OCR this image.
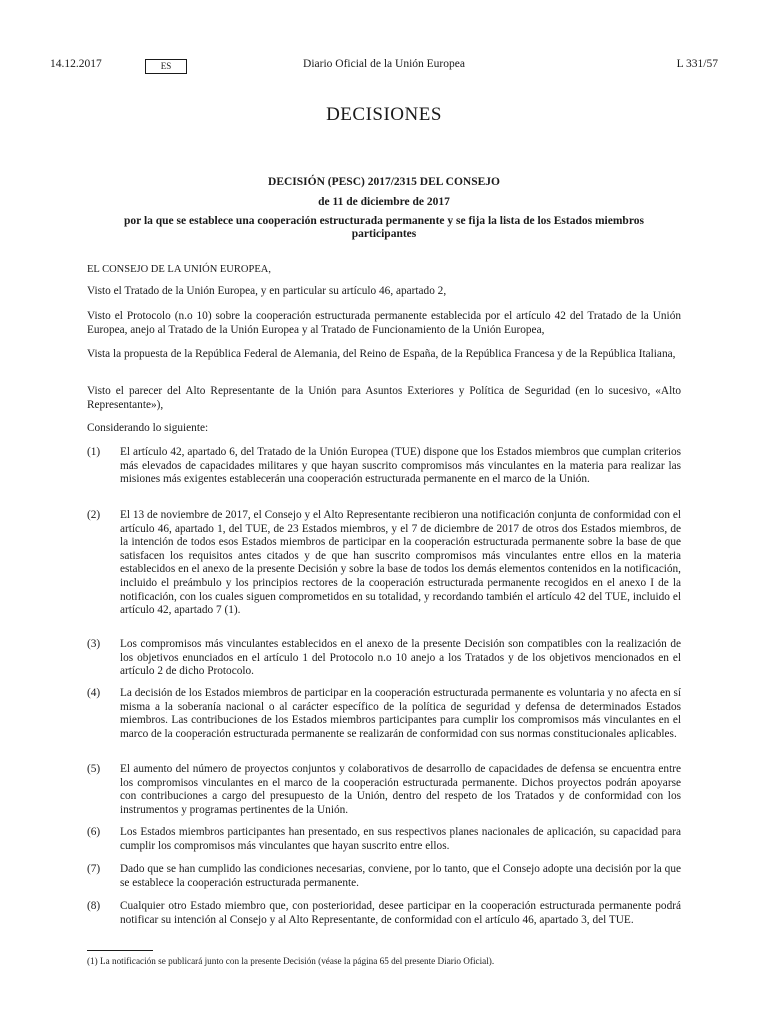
14.12.2017	ES	Diario Oficial de la Unión Europea	L 331/57
DECISIONES
DECISIÓN (PESC) 2017/2315 DEL CONSEJO
de 11 de diciembre de 2017
por la que se establece una cooperación estructurada permanente y se fija la lista de los Estados miembros participantes
EL CONSEJO DE LA UNIÓN EUROPEA,
Visto el Tratado de la Unión Europea, y en particular su artículo 46, apartado 2,
Visto el Protocolo (n.o 10) sobre la cooperación estructurada permanente establecida por el artículo 42 del Tratado de la Unión Europea, anejo al Tratado de la Unión Europea y al Tratado de Funcionamiento de la Unión Europea,
Vista la propuesta de la República Federal de Alemania, del Reino de España, de la República Francesa y de la República Italiana,
Visto el parecer del Alto Representante de la Unión para Asuntos Exteriores y Política de Seguridad (en lo sucesivo, «Alto Representante»),
Considerando lo siguiente:
(1)	El artículo 42, apartado 6, del Tratado de la Unión Europea (TUE) dispone que los Estados miembros que cumplan criterios más elevados de capacidades militares y que hayan suscrito compromisos más vinculantes en la materia para realizar las misiones más exigentes establecerán una cooperación estructurada permanente en el marco de la Unión.
(2)	El 13 de noviembre de 2017, el Consejo y el Alto Representante recibieron una notificación conjunta de conformidad con el artículo 46, apartado 1, del TUE, de 23 Estados miembros, y el 7 de diciembre de 2017 de otros dos Estados miembros, de la intención de todos esos Estados miembros de participar en la cooperación estructurada permanente sobre la base de que satisfacen los requisitos antes citados y de que han suscrito compromisos más vinculantes entre ellos en la materia establecidos en el anexo de la presente Decisión y sobre la base de todos los demás elementos contenidos en la notificación, incluido el preámbulo y los principios rectores de la cooperación estructurada permanente recogidos en el anexo I de la notificación, con los cuales siguen comprometidos en su totalidad, y recordando también el artículo 42 del TUE, incluido el artículo 42, apartado 7 (1).
(3)	Los compromisos más vinculantes establecidos en el anexo de la presente Decisión son compatibles con la realización de los objetivos enunciados en el artículo 1 del Protocolo n.o 10 anejo a los Tratados y de los objetivos mencionados en el artículo 2 de dicho Protocolo.
(4)	La decisión de los Estados miembros de participar en la cooperación estructurada permanente es voluntaria y no afecta en sí misma a la soberanía nacional o al carácter específico de la política de seguridad y defensa de determinados Estados miembros. Las contribuciones de los Estados miembros participantes para cumplir los compromisos más vinculantes en el marco de la cooperación estructurada permanente se realizarán de conformidad con sus normas constitucionales aplicables.
(5)	El aumento del número de proyectos conjuntos y colaborativos de desarrollo de capacidades de defensa se encuentra entre los compromisos vinculantes en el marco de la cooperación estructurada permanente. Dichos proyectos podrán apoyarse con contribuciones a cargo del presupuesto de la Unión, dentro del respeto de los Tratados y de conformidad con los instrumentos y programas pertinentes de la Unión.
(6)	Los Estados miembros participantes han presentado, en sus respectivos planes nacionales de aplicación, su capacidad para cumplir los compromisos más vinculantes que hayan suscrito entre ellos.
(7)	Dado que se han cumplido las condiciones necesarias, conviene, por lo tanto, que el Consejo adopte una decisión por la que se establece la cooperación estructurada permanente.
(8)	Cualquier otro Estado miembro que, con posterioridad, desee participar en la cooperación estructurada permanente podrá notificar su intención al Consejo y al Alto Representante, de conformidad con el artículo 46, apartado 3, del TUE.
(1) La notificación se publicará junto con la presente Decisión (véase la página 65 del presente Diario Oficial).
